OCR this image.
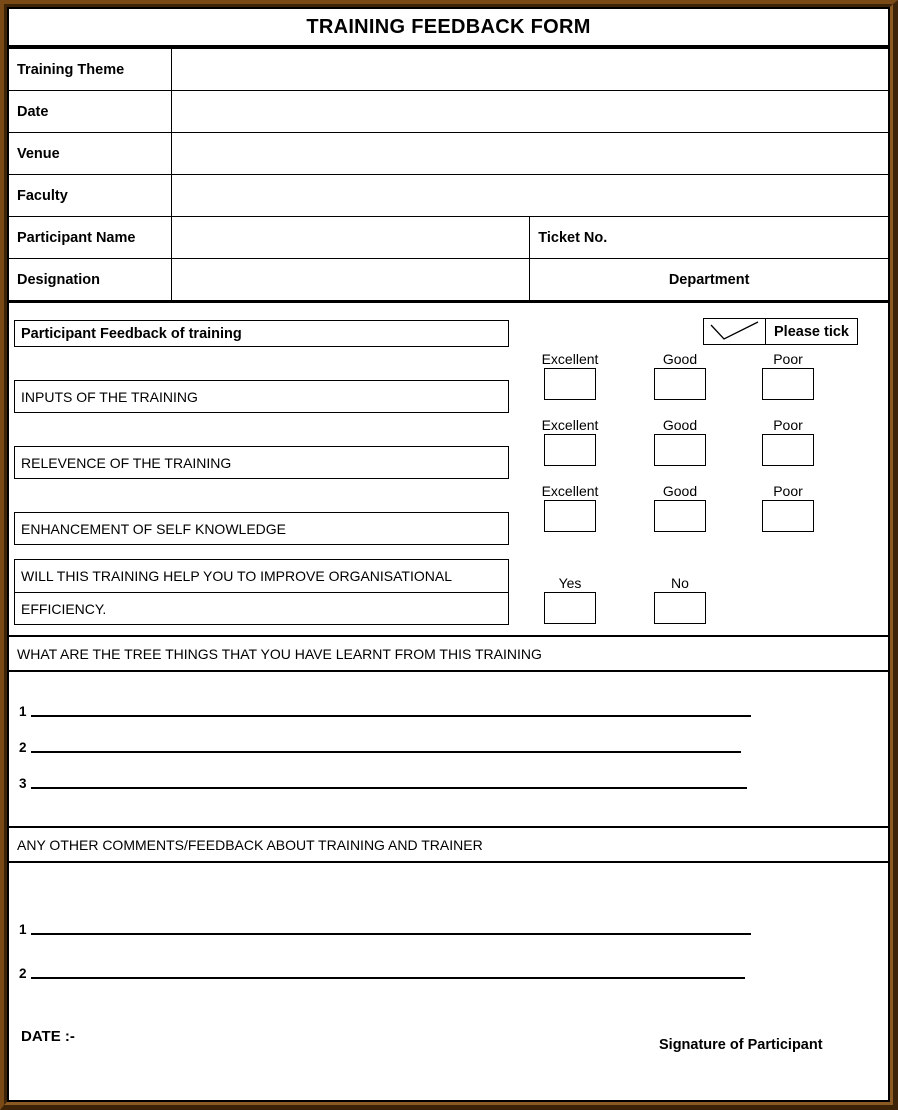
TRAINING FEEDBACK FORM
Training Theme		
Date		
Venue		
Faculty		
Participant Name		Ticket No.
Designation		Department
Participant Feedback of training	Please tick
INPUTS OF THE TRAINING
Excellent	Good	Poor
RELEVENCE OF THE TRAINING
Excellent	Good	Poor
ENHANCEMENT OF SELF KNOWLEDGE
Excellent	Good	Poor
WILL THIS TRAINING HELP YOU TO IMPROVE ORGANISATIONAL
EFFICIENCY.
Yes	No
WHAT ARE THE TREE THINGS THAT YOU HAVE LEARNT FROM THIS TRAINING
1
2
3
ANY OTHER COMMENTS/FEEDBACK ABOUT TRAINING AND TRAINER
1
2
DATE :-	Signature of Participant
